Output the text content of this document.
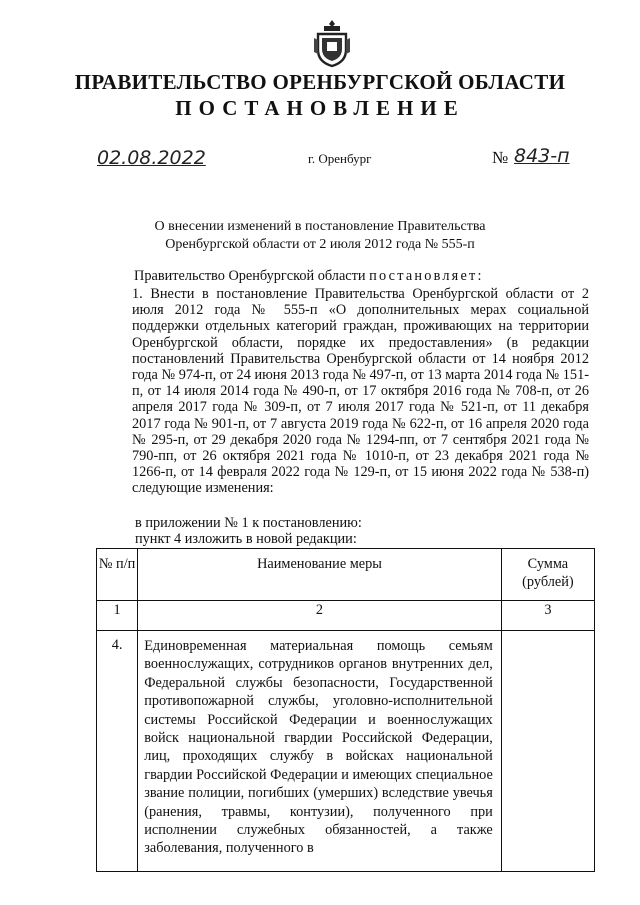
ПРАВИТЕЛЬСТВО ОРЕНБУРГСКОЙ ОБЛАСТИ
ПОСТАНОВЛЕНИЕ
02.08.2022	г. Оренбург	№ 843-п
О внесении изменений в постановление Правительства
Оренбургской области от 2 июля 2012 года № 555-п
Правительство Оренбургской области постановляет:
1. Внести в постановление Правительства Оренбургской области от 2 июля 2012 года № 555-п «О дополнительных мерах социальной поддержки отдельных категорий граждан, проживающих на территории Оренбургской области, порядке их предоставления» (в редакции постановлений Правительства Оренбургской области от 14 ноября 2012 года № 974-п, от 24 июня 2013 года № 497-п, от 13 марта 2014 года № 151-п, от 14 июля 2014 года № 490-п, от 17 октября 2016 года № 708-п, от 26 апреля 2017 года № 309-п, от 7 июля 2017 года № 521-п, от 11 декабря 2017 года № 901-п, от 7 августа 2019 года № 622-п, от 16 апреля 2020 года № 295-п, от 29 декабря 2020 года № 1294-пп, от 7 сентября 2021 года № 790-пп, от 26 октября 2021 года № 1010-п, от 23 декабря 2021 года № 1266-п, от 14 февраля 2022 года № 129-п, от 15 июня 2022 года № 538-п) следующие изменения:
в приложении № 1 к постановлению:
пункт 4 изложить в новой редакции:
№ п/п	Наименование меры	Сумма (рублей)
1	2	3
4.	Единовременная материальная помощь семьям военнослужащих, сотрудников органов внутренних дел, Федеральной службы безопасности, Государственной противопожарной службы, уголовно-исполнительной системы Российской Федерации и военнослужащих войск национальной гвардии Российской Федерации, лиц, проходящих службу в войсках национальной гвардии Российской Федерации и имеющих специальное звание полиции, погибших (умерших) вследствие увечья (ранения, травмы, контузии), полученного при исполнении служебных обязанностей, а также заболевания, полученного в	
